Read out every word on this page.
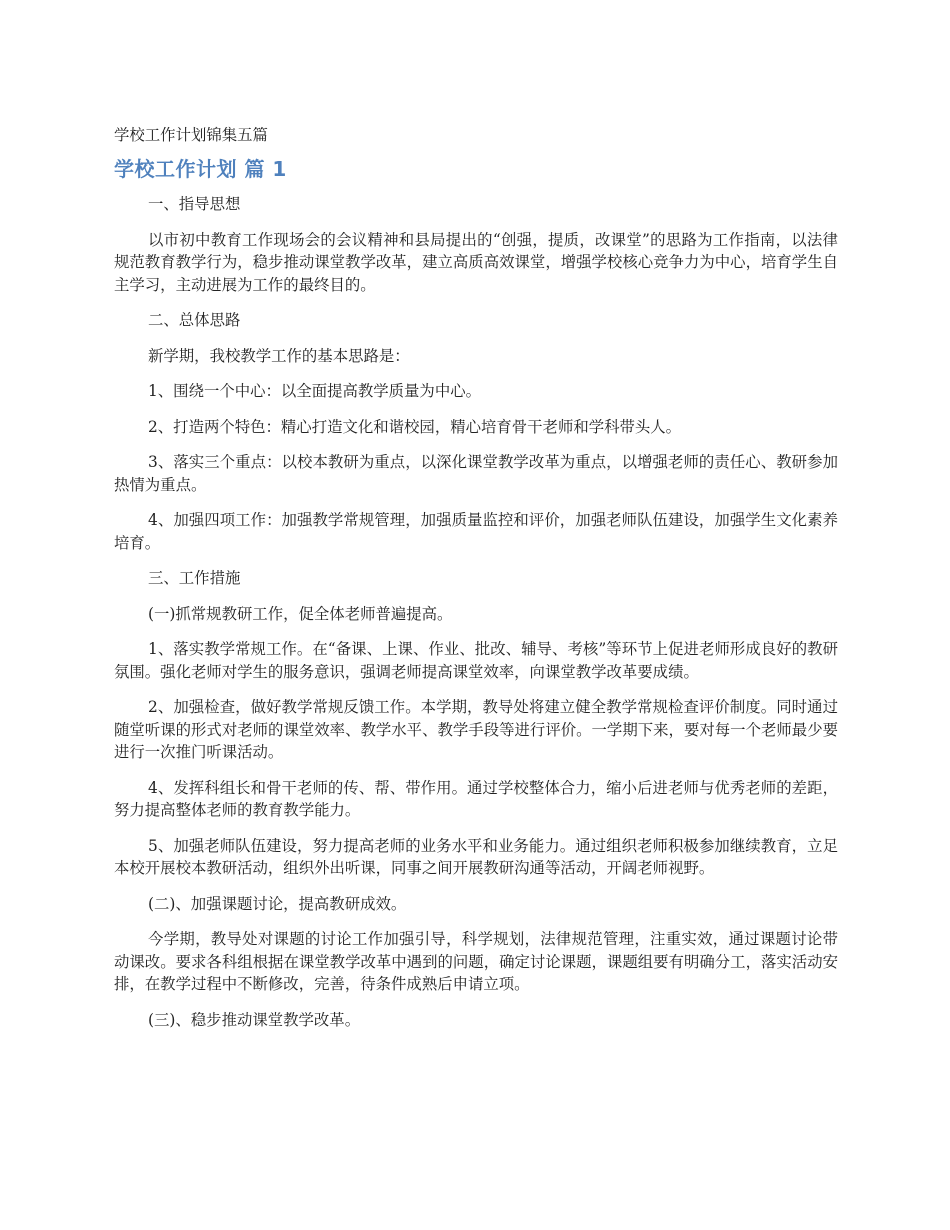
学校工作计划锦集五篇
学校工作计划 篇 1

一、指导思想

以市初中教育工作现场会的会议精神和县局提出的“创强，提质，改课堂”的思路为工作指南，以法律规范教育教学行为，稳步推动课堂教学改革，建立高质高效课堂，增强学校核心竞争力为中心，培育学生自主学习，主动进展为工作的最终目的。

二、总体思路

新学期，我校教学工作的基本思路是：

1、围绕一个中心：以全面提高教学质量为中心。

2、打造两个特色：精心打造文化和谐校园，精心培育骨干老师和学科带头人。

3、落实三个重点：以校本教研为重点，以深化课堂教学改革为重点，以增强老师的责任心、教研参加热情为重点。

4、加强四项工作：加强教学常规管理，加强质量监控和评价，加强老师队伍建设，加强学生文化素养培育。

三、工作措施

(一)抓常规教研工作，促全体老师普遍提高。

1、落实教学常规工作。在“备课、上课、作业、批改、辅导、考核”等环节上促进老师形成良好的教研氛围。强化老师对学生的服务意识，强调老师提高课堂效率，向课堂教学改革要成绩。

2、加强检查，做好教学常规反馈工作。本学期，教导处将建立健全教学常规检查评价制度。同时通过随堂听课的形式对老师的课堂效率、教学水平、教学手段等进行评价。一学期下来，要对每一个老师最少要进行一次推门听课活动。

4、发挥科组长和骨干老师的传、帮、带作用。通过学校整体合力，缩小后进老师与优秀老师的差距，努力提高整体老师的教育教学能力。

5、加强老师队伍建设，努力提高老师的业务水平和业务能力。通过组织老师积极参加继续教育，立足本校开展校本教研活动，组织外出听课，同事之间开展教研沟通等活动，开阔老师视野。

(二)、加强课题讨论，提高教研成效。

今学期，教导处对课题的讨论工作加强引导，科学规划，法律规范管理，注重实效，通过课题讨论带动课改。要求各科组根据在课堂教学改革中遇到的问题，确定讨论课题，课题组要有明确分工，落实活动安排，在教学过程中不断修改，完善，待条件成熟后申请立项。

(三)、稳步推动课堂教学改革。
